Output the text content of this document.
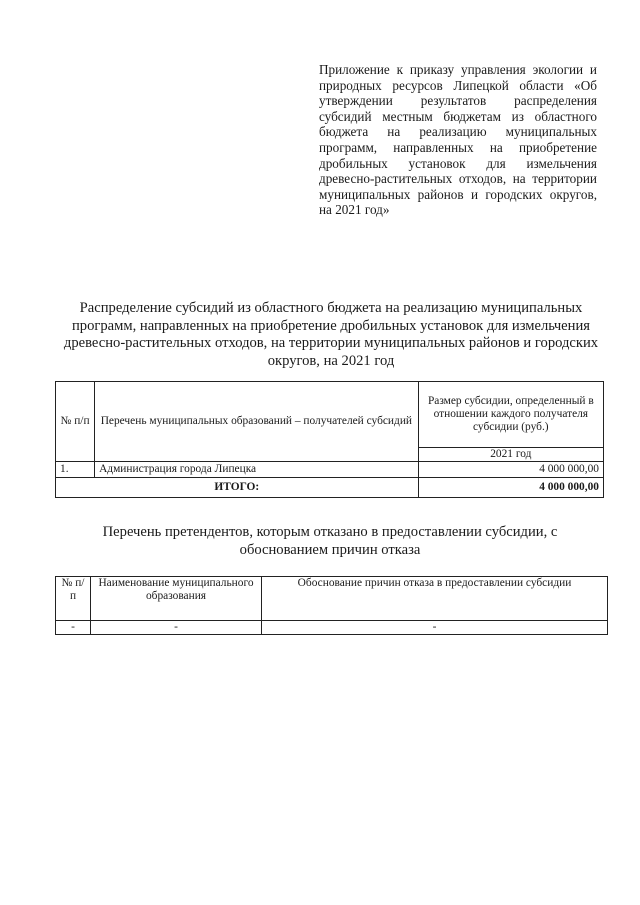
Приложение к приказу управления экологии и природных ресурсов Липецкой области «Об утверждении результатов распределения субсидий местным бюджетам из областного бюджета на реализацию муниципальных программ, направленных на приобретение дробильных установок для измельчения древесно-растительных отходов, на территории муниципальных районов и городских округов, на 2021 год»
Распределение субсидий из областного бюджета на реализацию муниципальных программ, направленных на приобретение дробильных установок для измельчения древесно-растительных отходов, на территории муниципальных районов и городских округов, на 2021 год
№ п/п	Перечень муниципальных образований – получателей субсидий	Размер субсидии, определенный в отношении каждого получателя субсидии (руб.)
		2021 год
1.	Администрация города Липецка	4 000 000,00
ИТОГО:		4 000 000,00
Перечень претендентов, которым отказано в предоставлении субсидии, с обоснованием причин отказа
№ п/п	Наименование муниципального образования	Обоснование причин отказа в предоставлении субсидии
-	-	-
